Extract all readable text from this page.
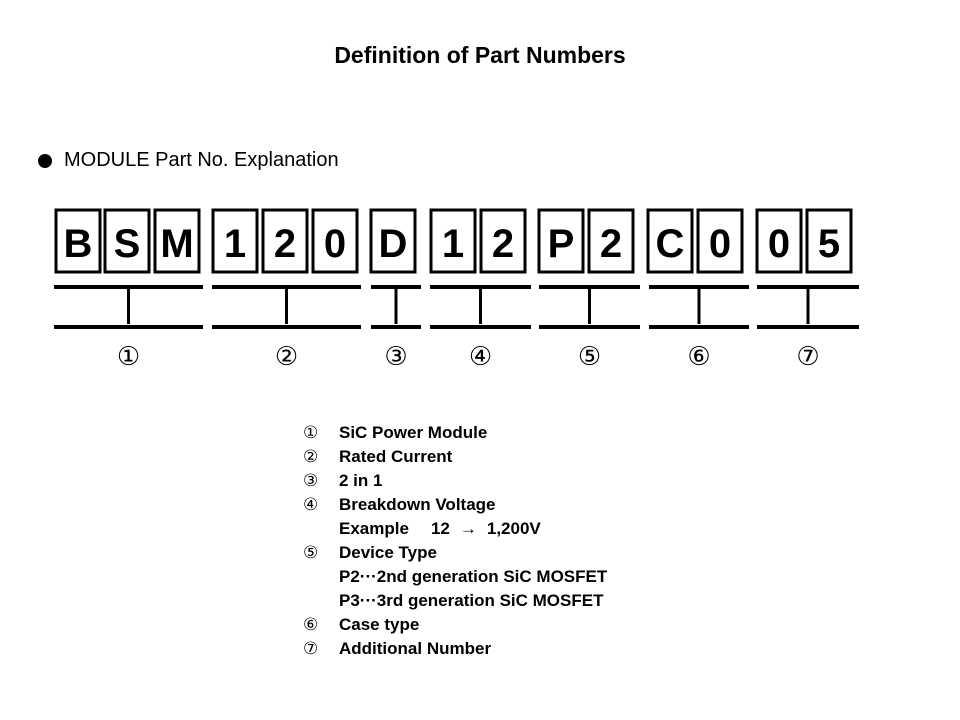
Definition of Part Numbers
MODULE Part No. Explanation
B S M 1 2 0 D 1 2 P 2 C 0 0 5
①	②	③ ④	⑤	⑥	⑦
①	SiC Power Module
②	Rated Current
③	2 in 1
④	Breakdown Voltage
Example 12 → 1,200V
⑤	Device Type
P2···2nd generation SiC MOSFET
P3···3rd generation SiC MOSFET
⑥	Case type
⑦	Additional Number
